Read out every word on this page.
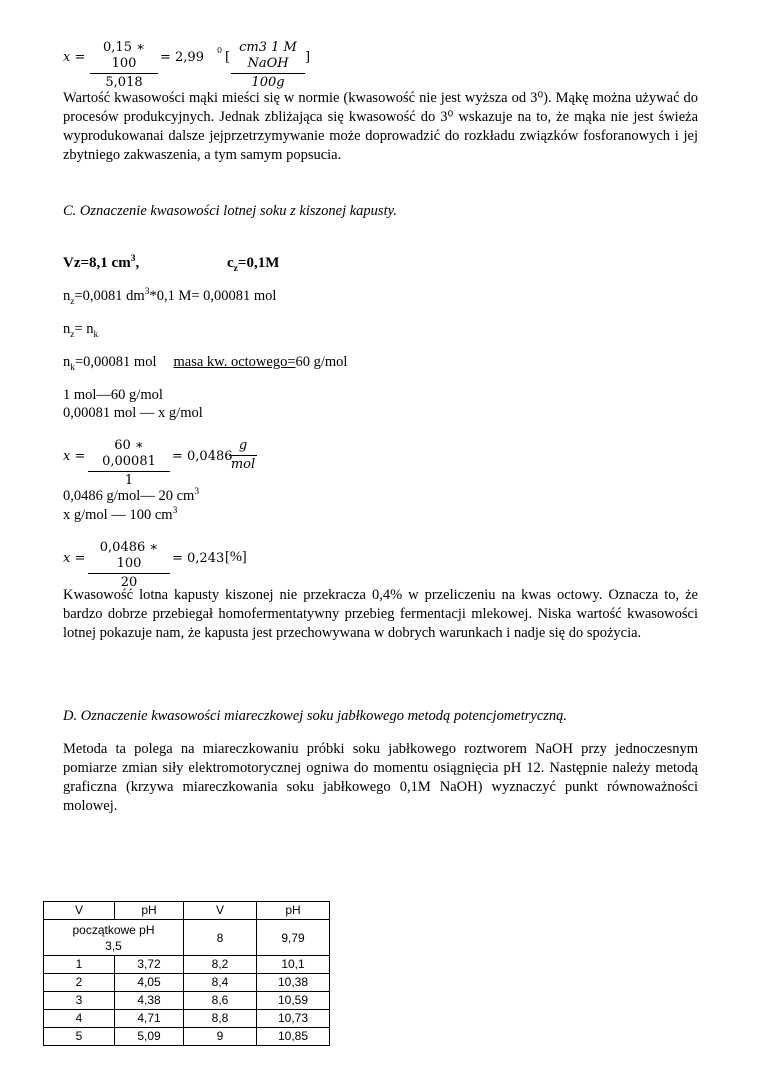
$x = \frac{0,15 ∗ 100}{5,018} = 2,99$ 0 [
cm3 1 M NaOH
100g
]
Wartość kwasowości mąki mieści się w normie (kwasowość nie jest wyższa od 3⁰). Mąkę można używać do procesów produkcyjnych. Jednak zbliżająca się kwasowość do 3⁰ wskazuje na to, że mąka nie jest świeża wyprodukowanai dalsze jejprzetrzymywanie może doprowadzić do rozkładu związków fosforanowych i jej zbytniego zakwaszenia, a tym samym popsucia.
C. Oznaczenie kwasowości lotnej soku z kiszonej kapusty.
Vz=8,1 $cm^3$,	$c_z=0,1M$
$n_z=0,0081$ $dm^3*0,1$ M= 0,00081 mol
$n_z= n_k$
$n_k=0,00081$ mol masa kw. octowego=60 g/mol
1 mol—60 g/mol
0,00081 mol — x g/mol
$x = \frac{60 ∗ 0,00081}{1} = 0,0486$
g
mol
0,0486 g/mol— 20 $cm^3$
x g/mol — 100 $cm^3$
$x = \frac{0,0486 ∗ 100}{20} = 0,243$ [%]
Kwasowość lotna kapusty kiszonej nie przekracza 0,4% w przeliczeniu na kwas octowy. Oznacza to, że bardzo dobrze przebiegał homofermentatywny przebieg fermentacji mlekowej. Niska wartość kwasowości lotnej pokazuje nam, że kapusta jest przechowywana w dobrych warunkach i nadje się do spożycia.
D. Oznaczenie kwasowości miareczkowej soku jabłkowego metodą potencjometryczną.
Metoda ta polega na miareczkowaniu próbki soku jabłkowego roztworem NaOH przy jednoczesnym pomiarze zmian siły elektromotorycznej ogniwa do momentu osiągnięcia pH 12. Następnie należy metodą graficzna (krzywa miareczkowania soku jabłkowego 0,1M NaOH) wyznaczyć punkt równoważności molowej.
V	pH	V	pH
początkowe pH
3,5		8	9,79
1	3,72	8,2	10,1
2	4,05	8,4	10,38
3	4,38	8,6	10,59
4	4,71	8,8	10,73
5	5,09	9	10,85
